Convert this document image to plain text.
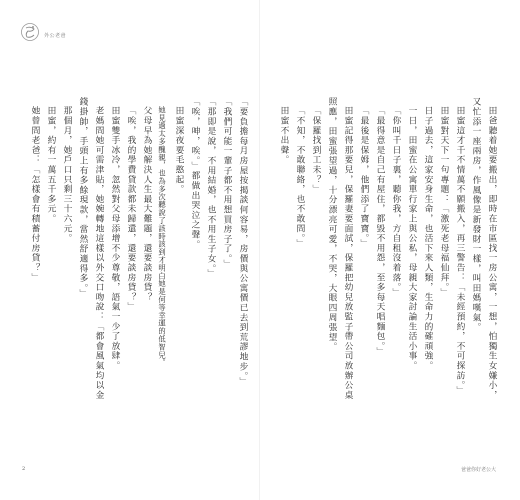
外公老爸
2	爸爸你好老公大
田爸聽着她要搬出，即時在市區找一房公寓，一想，怕獨生女嫌小，
又忙添一座兩房，作風像是新發財一樣，叫田媽嘆氣。
田蜜這才千不情萬不願搬入，再三警告：「未經預約，不可探訪。」
田蜜對天下一句專題：「激死老母福仙拜。」
日子過去，這家安身生命，也活下來人類，生命力的確頑強。
一日，田蜜在公寓單行家上與公私，母親大家討論生活小事。
「你叫千日子裏，聽你我，方自租沒着落。」
「最得意是自己有屋住，都毀不用怨，至多每天唱麵包。」
「最後是保姆，他們添了寶寶。」
田蜜記得那要兒，保羅妻要面試，保羅把幼兒放監子帶公司放辦公桌
照應，田蜜張望過，十分漂亮可愛，不哭，大眼四周張望。
「保羅找到工未？」
「不知，不敢聯絡，也不敢問。」
田蜜不出聲。
「要負擔每月房屋按揭談何容易，房價與公寓價已去到荒謬地步。」
「我們可能一輩子都不用想買房子了。」
「那即是說，不用結婚，也不用生子女。」
「唉，呻，唉。」都做出哭泣之聲。
田蜜深夜要毛憨起。
她見過太多醜親，也為多次聽說了該時該到才明白她是何等幸運的低智兒。
父母早為她解決人生最大難題，還要談房貸？
「唉，我的學費貸款都未歸還，還要談房貸？」
田蜜雙手冰冷，忽然對父母添增不少尊敬，語氣一少了放肆。
老媽問她可需津貼，她婉轉地這樣以外交口吻說：「都會風氣均以金
錢掛帥，手頭上有多餘現款，當然舒適得多。」
那個月，她戶口只剩三十六元。
田蜜，約有一萬五千多元。
她曾問老爸：「怎樣會有積蓄付房貸？」
